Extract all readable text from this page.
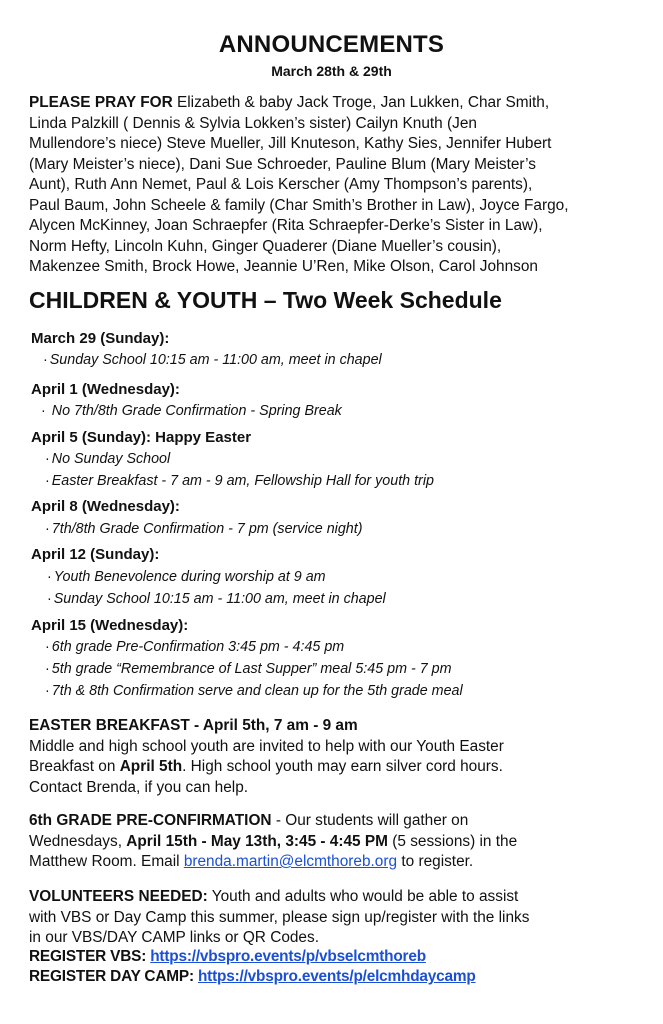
ANNOUNCEMENTS
March 28th & 29th
PLEASE PRAY FOR Elizabeth & baby Jack Troge, Jan Lukken, Char Smith,
Linda Palzkill ( Dennis & Sylvia Lokken’s sister) Cailyn Knuth (Jen
Mullendore’s niece) Steve Mueller, Jill Knuteson, Kathy Sies, Jennifer Hubert
(Mary Meister’s niece), Dani Sue Schroeder, Pauline Blum (Mary Meister’s
Aunt), Ruth Ann Nemet, Paul & Lois Kerscher (Amy Thompson’s parents),
Paul Baum, John Scheele & family (Char Smith’s Brother in Law), Joyce Fargo,
Alycen McKinney, Joan Schraepfer (Rita Schraepfer-Derke’s Sister in Law),
Norm Hefty, Lincoln Kuhn, Ginger Quaderer (Diane Mueller’s cousin),
Makenzee Smith, Brock Howe, Jeannie U’Ren, Mike Olson, Carol Johnson
CHILDREN & YOUTH – Two Week Schedule
March 29 (Sunday):
· Sunday School 10:15 am - 11:00 am, meet in chapel
April 1 (Wednesday):
· No 7th/8th Grade Confirmation - Spring Break
April 5 (Sunday): Happy Easter
· No Sunday School
· Easter Breakfast - 7 am - 9 am, Fellowship Hall for youth trip
April 8 (Wednesday):
· 7th/8th Grade Confirmation - 7 pm (service night)
April 12 (Sunday):
· Youth Benevolence during worship at 9 am
· Sunday School 10:15 am - 11:00 am, meet in chapel
April 15 (Wednesday):
· 6th grade Pre-Confirmation 3:45 pm - 4:45 pm
· 5th grade “Remembrance of Last Supper” meal 5:45 pm - 7 pm
· 7th & 8th Confirmation serve and clean up for the 5th grade meal
EASTER BREAKFAST - April 5th, 7 am - 9 am
Middle and high school youth are invited to help with our Youth Easter
Breakfast on April 5th. High school youth may earn silver cord hours.
Contact Brenda, if you can help.
6th GRADE PRE-CONFIRMATION - Our students will gather on
Wednesdays, April 15th - May 13th, 3:45 - 4:45 PM (5 sessions) in the
Matthew Room. Email brenda.martin@elcmthoreb.org to register.
VOLUNTEERS NEEDED: Youth and adults who would be able to assist
with VBS or Day Camp this summer, please sign up/register with the links
in our VBS/DAY CAMP links or QR Codes.
REGISTER VBS: https://vbspro.events/p/vbselcmthoreb
REGISTER DAY CAMP: https://vbspro.events/p/elcmhdaycamp
